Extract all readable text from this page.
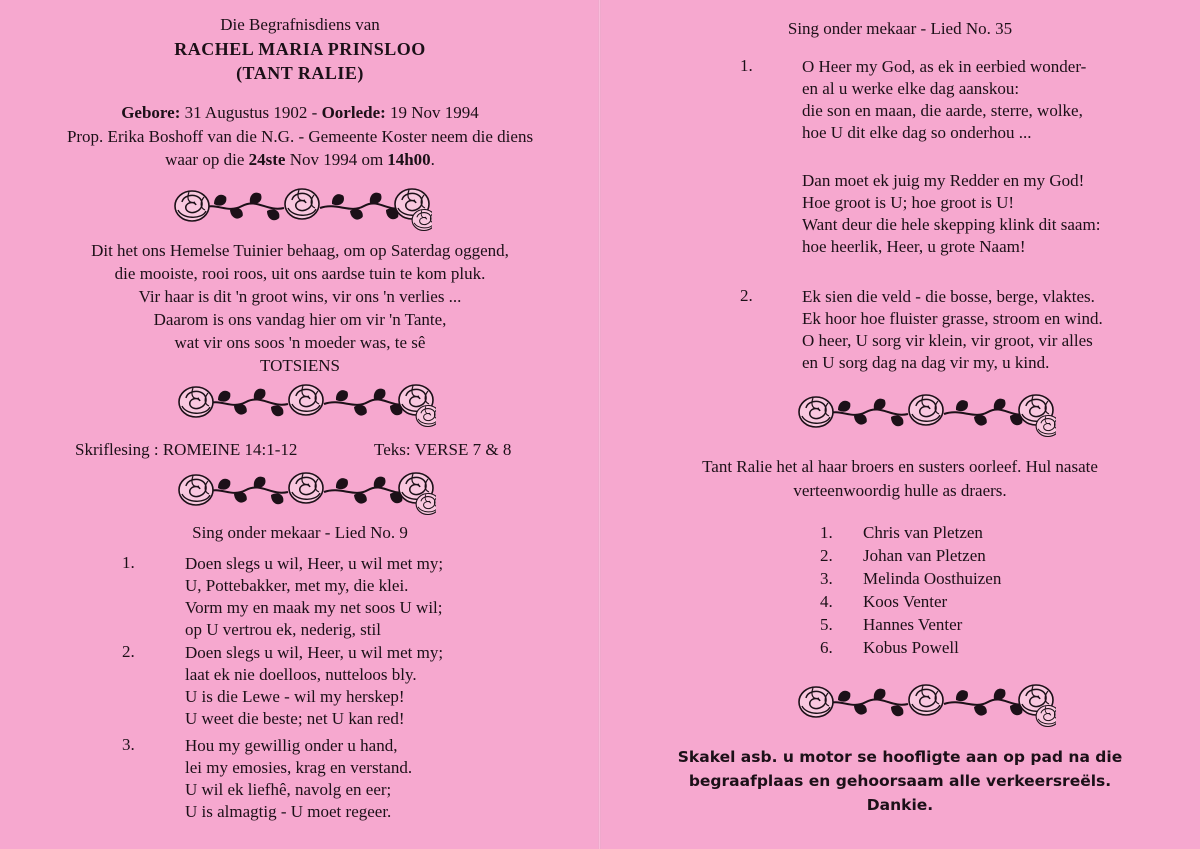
Die Begrafnisdiens van
RACHEL MARIA PRINSLOO
(TANT RALIE)
Gebore: 31 Augustus 1902 - Oorlede: 19 Nov 1994
Prop. Erika Boshoff van die N.G. - Gemeente Koster neem die diens
waar op die 24ste Nov 1994 om 14h00.
Dit het ons Hemelse Tuinier behaag, om op Saterdag oggend,
die mooiste, rooi roos, uit ons aardse tuin te kom pluk.
Vir haar is dit 'n groot wins, vir ons 'n verlies ...
Daarom is ons vandag hier om vir 'n Tante,
wat vir ons soos 'n moeder was, te sê
TOTSIENS
Skriflesing : ROMEINE 14:1-12	Teks: VERSE 7 & 8
Sing onder mekaar - Lied No. 9
1.	Doen slegs u wil, Heer, u wil met my;
U, Pottebakker, met my, die klei.
Vorm my en maak my net soos U wil;
op U vertrou ek, nederig, stil
2.	Doen slegs u wil, Heer, u wil met my;
laat ek nie doelloos, nutteloos bly.
U is die Lewe - wil my herskep!
U weet die beste; net U kan red!
3.	Hou my gewillig onder u hand,
lei my emosies, krag en verstand.
U wil ek liefhê, navolg en eer;
U is almagtig - U moet regeer.
Sing onder mekaar - Lied No. 35
1.	O Heer my God, as ek in eerbied wonder-
en al u werke elke dag aanskou:
die son en maan, die aarde, sterre, wolke,
hoe U dit elke dag so onderhou ...
Dan moet ek juig my Redder en my God!
Hoe groot is U; hoe groot is U!
Want deur die hele skepping klink dit saam:
hoe heerlik, Heer, u grote Naam!
2.	Ek sien die veld - die bosse, berge, vlaktes.
Ek hoor hoe fluister grasse, stroom en wind.
O heer, U sorg vir klein, vir groot, vir alles
en U sorg dag na dag vir my, u kind.
Tant Ralie het al haar broers en susters oorleef. Hul nasate
verteenwoordig hulle as draers.
1. Chris van Pletzen
2. Johan van Pletzen
3. Melinda Oosthuizen
4. Koos Venter
5. Hannes Venter
6. Kobus Powell
Skakel asb. u motor se hoofligte aan op pad na die
begraafplaas en gehoorsaam alle verkeersreëls.
Dankie.
